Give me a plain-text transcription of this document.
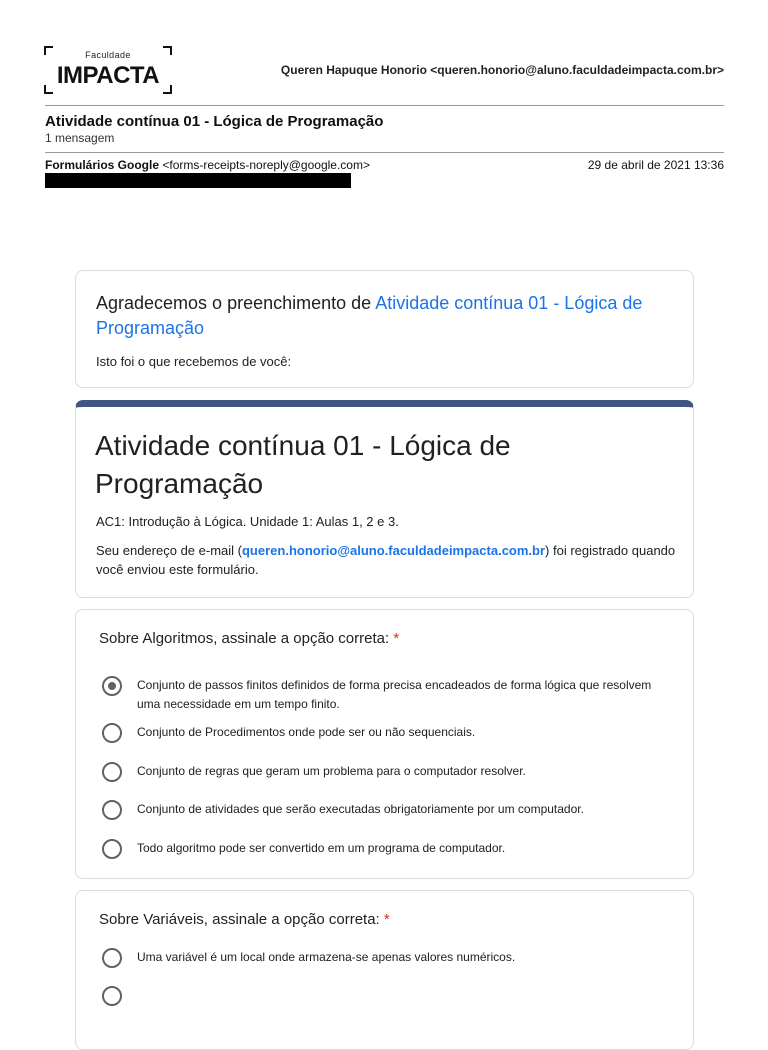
Faculdade
IMPACTA	Queren Hapuque Honorio <queren.honorio@aluno.faculdadeimpacta.com.br>
Atividade contínua 01 - Lógica de Programação
1 mensagem
Formulários Google <forms-receipts-noreply@google.com>	29 de abril de 2021 13:36
Agradecemos o preenchimento de Atividade contínua 01 - Lógica de Programação
Isto foi o que recebemos de você:
Atividade contínua 01 - Lógica de Programação
AC1: Introdução à Lógica. Unidade 1: Aulas 1, 2 e 3.
Seu endereço de e-mail (queren.honorio@aluno.faculdadeimpacta.com.br) foi registrado quando você enviou este formulário.
Sobre Algoritmos, assinale a opção correta: *
Conjunto de passos finitos definidos de forma precisa encadeados de forma lógica que resolvem uma necessidade em um tempo finito.
Conjunto de Procedimentos onde pode ser ou não sequenciais.
Conjunto de regras que geram um problema para o computador resolver.
Conjunto de atividades que serão executadas obrigatoriamente por um computador.
Todo algoritmo pode ser convertido em um programa de computador.
Sobre Variáveis, assinale a opção correta: *
Uma variável é um local onde armazena-se apenas valores numéricos.
